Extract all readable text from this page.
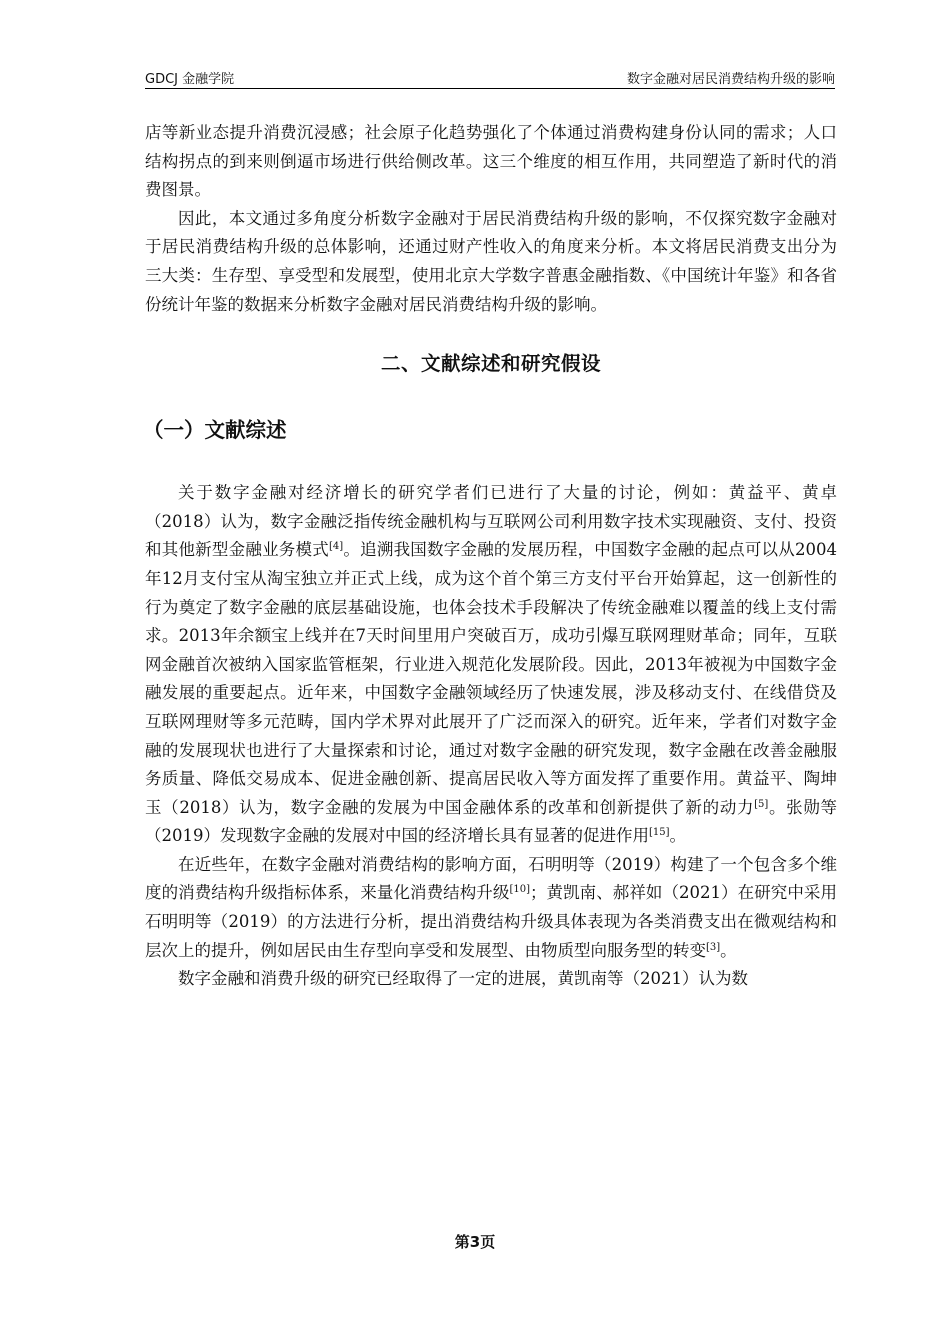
GDCJ 金融学院	数字金融对居民消费结构升级的影响

店等新业态提升消费沉浸感；社会原子化趋势强化了个体通过消费构建身份认同的需求；人口结构拐点的到来则倒逼市场进行供给侧改革。这三个维度的相互作用，共同塑造了新时代的消费图景。

因此，本文通过多角度分析数字金融对于居民消费结构升级的影响，不仅探究数字金融对于居民消费结构升级的总体影响，还通过财产性收入的角度来分析。本文将居民消费支出分为三大类：生存型、享受型和发展型，使用北京大学数字普惠金融指数、《中国统计年鉴》和各省份统计年鉴的数据来分析数字金融对居民消费结构升级的影响。

二、文献综述和研究假设
（一）文献综述

关于数字金融对经济增长的研究学者们已进行了大量的讨论，例如：黄益平、黄卓（2018）认为，数字金融泛指传统金融机构与互联网公司利用数字技术实现融资、支付、投资和其他新型金融业务模式[4]。追溯我国数字金融的发展历程，中国数字金融的起点可以从2004年12月支付宝从淘宝独立并正式上线，成为这个首个第三方支付平台开始算起，这一创新性的行为奠定了数字金融的底层基础设施，也体会技术手段解决了传统金融难以覆盖的线上支付需求。2013年余额宝上线并在7天时间里用户突破百万，成功引爆互联网理财革命；同年，互联网金融首次被纳入国家监管框架，行业进入规范化发展阶段。因此，2013年被视为中国数字金融发展的重要起点。近年来，中国数字金融领域经历了快速发展，涉及移动支付、在线借贷及互联网理财等多元范畴，国内学术界对此展开了广泛而深入的研究。近年来，学者们对数字金融的发展现状也进行了大量探索和讨论，通过对数字金融的研究发现，数字金融在改善金融服务质量、降低交易成本、促进金融创新、提高居民收入等方面发挥了重要作用。黄益平、陶坤玉（2018）认为，数字金融的发展为中国金融体系的改革和创新提供了新的动力[5]。张勋等（2019）发现数字金融的发展对中国的经济增长具有显著的促进作用[15]。

在近些年，在数字金融对消费结构的影响方面，石明明等（2019）构建了一个包含多个维度的消费结构升级指标体系，来量化消费结构升级[10]；黄凯南、郝祥如（2021）在研究中采用石明明等（2019）的方法进行分析，提出消费结构升级具体表现为各类消费支出在微观结构和层次上的提升，例如居民由生存型向享受和发展型、由物质型向服务型的转变[3]。

数字金融和消费升级的研究已经取得了一定的进展，黄凯南等（2021）认为数

第3页
